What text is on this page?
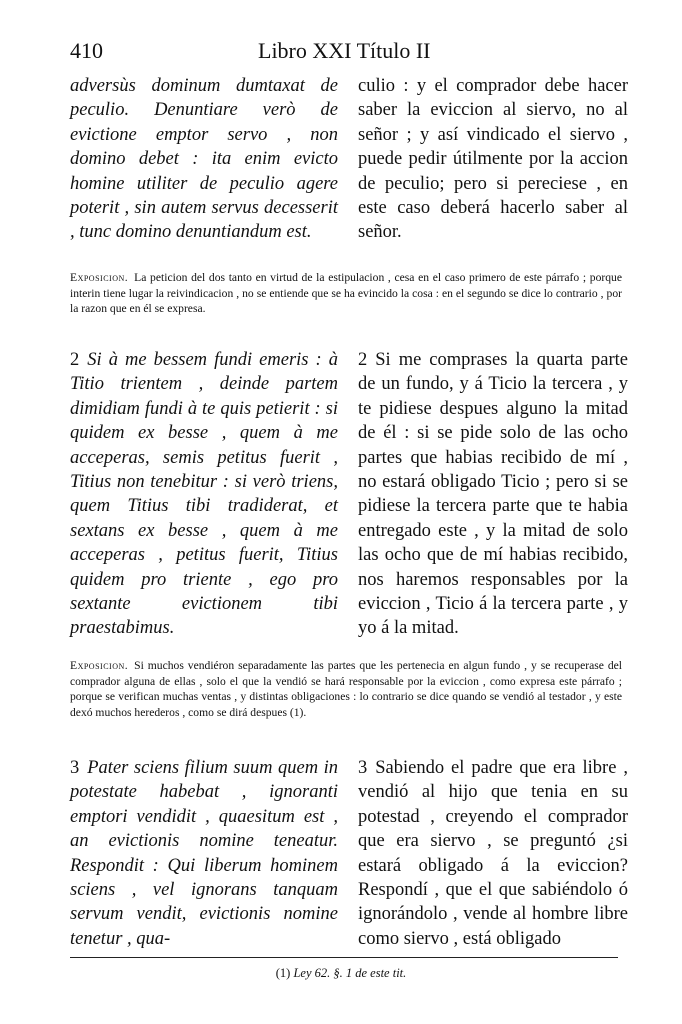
410	Libro XXI Título II

adversùs dominum dumtaxat de peculio. Denuntiare verò de evictione emptor servo , non domino debet : ita enim evicto homine utiliter de peculio agere poterit , sin autem servus decesserit , tunc domino denuntiandum est.

culio : y el comprador debe hacer saber la eviccion al siervo, no al señor ; y así vindicado el siervo , puede pedir útilmente por la accion de peculio; pero si pereciese , en este caso deberá hacerlo saber al señor.

Exposicion. La peticion del dos tanto en virtud de la estipulacion , cesa en el caso primero de este párrafo ; porque interin tiene lugar la reivindicacion , no se entiende que se ha evincido la cosa : en el segundo se dice lo contrario , por la razon que en él se expresa.

2 Si à me bessem fundi emeris : à Titio trientem , deinde partem dimidiam fundi à te quis petierit : si quidem ex besse , quem à me acceperas, semis petitus fuerit , Titius non tenebitur : si verò triens, quem Titius tibi tradiderat, et sextans ex besse , quem à me acceperas , petitus fuerit, Titius quidem pro triente , ego pro sextante evictionem tibi praestabimus.

2 Si me comprases la quarta parte de un fundo, y á Ticio la tercera , y te pidiese despues alguno la mitad de él : si se pide solo de las ocho partes que habias recibido de mí , no estará obligado Ticio ; pero si se pidiese la tercera parte que te habia entregado este , y la mitad de solo las ocho que de mí habias recibido, nos haremos responsables por la eviccion , Ticio á la tercera parte , y yo á la mitad.

Exposicion. Si muchos vendiéron separadamente las partes que les pertenecia en algun fundo , y se recuperase del comprador alguna de ellas , solo el que la vendió se hará responsable por la eviccion , como expresa este párrafo ; porque se verifican muchas ventas , y distintas obligaciones : lo contrario se dice quando se vendió al testador , y este dexó muchos herederos , como se dirá despues (1).

3 Pater sciens filium suum quem in potestate habebat , ignoranti emptori vendidit , quaesitum est , an evictionis nomine teneatur. Respondit : Qui liberum hominem sciens , vel ignorans tanquam servum vendit, evictionis nomine tenetur , qua-

3 Sabiendo el padre que era libre , vendió al hijo que tenia en su potestad , creyendo el comprador que era siervo , se preguntó ¿si estará obligado á la eviccion? Respondí , que el que sabiéndolo ó ignorándolo , vende al hombre libre como siervo , está obligado

(1) Ley 62. §. 1 de este tit.
